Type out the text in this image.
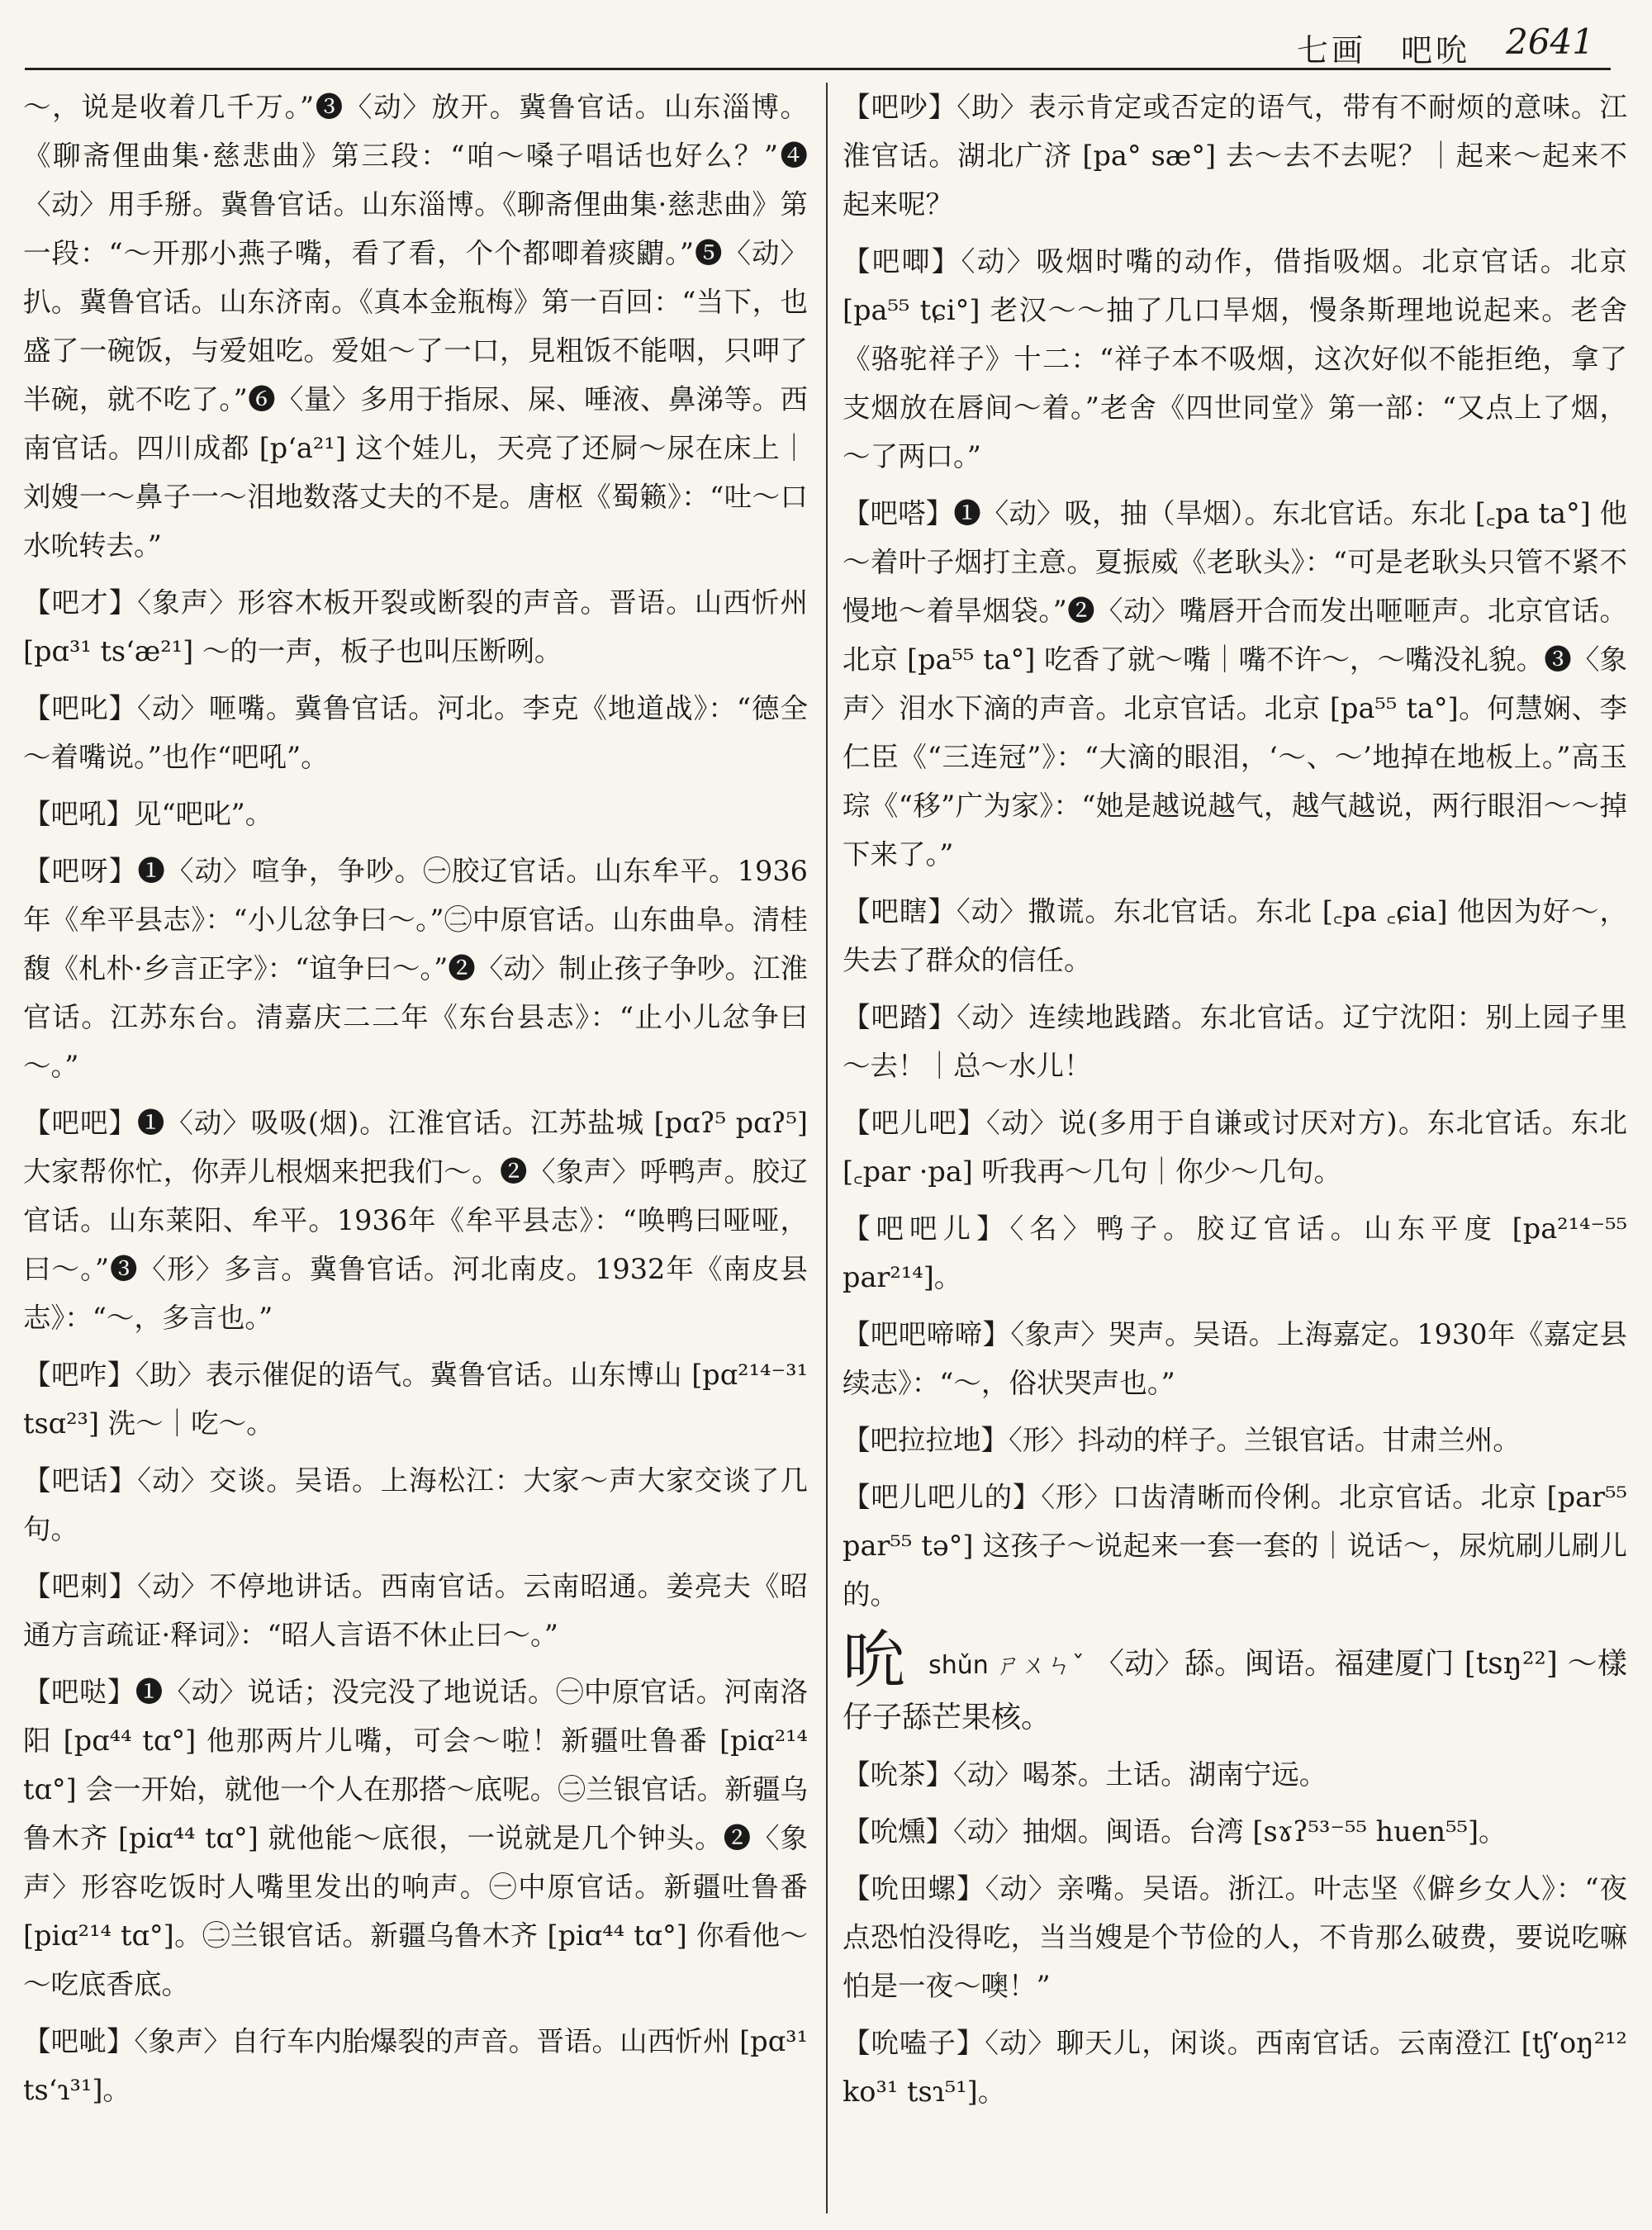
七画　吧吮 2641

～，说是收着几千万。”❸〈动〉放开。冀鲁官话。山东淄博。《聊斋俚曲集·慈悲曲》第三段：“咱～嗓子唱话也好么？”❹〈动〉用手掰。冀鲁官话。山东淄博。《聊斋俚曲集·慈悲曲》第一段：“～开那小燕子嘴，看了看，个个都唧着痰䶇。”❺〈动〉扒。冀鲁官话。山东济南。《真本金瓶梅》第一百回：“当下，也盛了一碗饭，与爱姐吃。爱姐～了一口，見粗饭不能咽，只呷了半碗，就不吃了。”❻〈量〉多用于指尿、屎、唾液、鼻涕等。西南官话。四川成都 [pʻa²¹] 这个娃儿，天亮了还屙～尿在床上｜刘嫂一～鼻子一～泪地数落丈夫的不是。唐枢《蜀籁》：“吐～口水吮转去。”

【吧才】〈象声〉形容木板开裂或断裂的声音。晋语。山西忻州 [pɑ³¹ tsʻæ²¹] ～的一声，板子也叫压断咧。

【吧叱】〈动〉咂嘴。冀鲁官话。河北。李克《地道战》：“德全～着嘴说。”也作“吧吼”。

【吧吼】见“吧叱”。

【吧呀】❶〈动〉喧争，争吵。㊀胶辽官话。山东牟平。1936年《牟平县志》：“小儿忿争曰～。”㊁中原官话。山东曲阜。清桂馥《札朴·乡言正字》：“谊争曰～。”❷〈动〉制止孩子争吵。江淮官话。江苏东台。清嘉庆二二年《东台县志》：“止小儿忿争曰～。”

【吧吧】❶〈动〉吸吸(烟)。江淮官话。江苏盐城 [pɑʔ⁵ pɑʔ⁵] 大家帮你忙，你弄儿根烟来把我们～。❷〈象声〉呼鸭声。胶辽官话。山东莱阳、牟平。1936年《牟平县志》：“唤鸭曰哑哑，曰～。”❸〈形〉多言。冀鲁官话。河北南皮。1932年《南皮县志》：“～，多言也。”

【吧咋】〈助〉表示催促的语气。冀鲁官话。山东博山 [pɑ²¹⁴⁻³¹ tsɑ²³] 洗～｜吃～。

【吧话】〈动〉交谈。吴语。上海松江：大家～声大家交谈了几句。

【吧刺】〈动〉不停地讲话。西南官话。云南昭通。姜亮夫《昭通方言疏证·释词》：“昭人言语不休止曰～。”

【吧哒】❶〈动〉说话；没完没了地说话。㊀中原官话。河南洛阳 [pɑ⁴⁴ tɑ°] 他那两片儿嘴，可会～啦！新疆吐鲁番 [piɑ²¹⁴ tɑ°] 会一开始，就他一个人在那搭～底呢。㊁兰银官话。新疆乌鲁木齐 [piɑ⁴⁴ tɑ°] 就他能～底很，一说就是几个钟头。❷〈象声〉形容吃饭时人嘴里发出的响声。㊀中原官话。新疆吐鲁番 [piɑ²¹⁴ tɑ°]。㊁兰银官话。新疆乌鲁木齐 [piɑ⁴⁴ tɑ°] 你看他～～吃底香底。

【吧呲】〈象声〉自行车内胎爆裂的声音。晋语。山西忻州 [pɑ³¹ tsʻɿ³¹]。

【吧吵】〈助〉表示肯定或否定的语气，带有不耐烦的意味。江淮官话。湖北广济 [pa° sæ°] 去～去不去呢？｜起来～起来不起来呢？

【吧唧】〈动〉吸烟时嘴的动作，借指吸烟。北京官话。北京 [pa⁵⁵ tɕi°] 老汉～～抽了几口旱烟，慢条斯理地说起来。老舍《骆驼祥子》十二：“祥子本不吸烟，这次好似不能拒绝，拿了支烟放在唇间～着。”老舍《四世同堂》第一部：“又点上了烟，～了两口。”

【吧嗒】❶〈动〉吸，抽（旱烟）。东北官话。东北 [꜀pa ta°] 他～着叶子烟打主意。夏振威《老耿头》：“可是老耿头只管不紧不慢地～着旱烟袋。”❷〈动〉嘴唇开合而发出咂咂声。北京官话。北京 [pa⁵⁵ ta°] 吃香了就～嘴｜嘴不许～，～嘴没礼貌。❸〈象声〉泪水下滴的声音。北京官话。北京 [pa⁵⁵ ta°]。何慧娴、李仁臣《“三连冠”》：“大滴的眼泪，‘～、～’地掉在地板上。”高玉琮《“移”广为家》：“她是越说越气，越气越说，两行眼泪～～掉下来了。”

【吧瞎】〈动〉撒谎。东北官话。东北 [꜀pa ꜀ɕia] 他因为好～，失去了群众的信任。

【吧踏】〈动〉连续地践踏。东北官话。辽宁沈阳：别上园子里～去！｜总～水儿！

【吧儿吧】〈动〉说(多用于自谦或讨厌对方)。东北官话。东北 [꜀par ·pa] 听我再～几句｜你少～几句。

【吧吧儿】〈名〉鸭子。胶辽官话。山东平度 [pa²¹⁴⁻⁵⁵ par²¹⁴]。

【吧吧啼啼】〈象声〉哭声。吴语。上海嘉定。1930年《嘉定县续志》：“～，俗状哭声也。”

【吧拉拉地】〈形〉抖动的样子。兰银官话。甘肃兰州。

【吧儿吧儿的】〈形〉口齿清晰而伶俐。北京官话。北京 [par⁵⁵ par⁵⁵ tə°] 这孩子～说起来一套一套的｜说话～，尿炕刷儿刷儿的。

吮 shǔn ㄕㄨㄣˇ 〈动〉舔。闽语。福建厦门 [tsŋ²²] ～樣仔子舔芒果核。

【吮茶】〈动〉喝茶。土话。湖南宁远。

【吮燻】〈动〉抽烟。闽语。台湾 [sɤʔ⁵³⁻⁵⁵ huen⁵⁵]。

【吮田螺】〈动〉亲嘴。吴语。浙江。叶志坚《僻乡女人》：“夜点恐怕没得吃，当当嫂是个节俭的人，不肯那么破费，要说吃嘛怕是一夜～噢！”

【吮嗑子】〈动〉聊天儿，闲谈。西南官话。云南澄江 [tʃʻoŋ²¹² ko³¹ tsɿ⁵¹]。
